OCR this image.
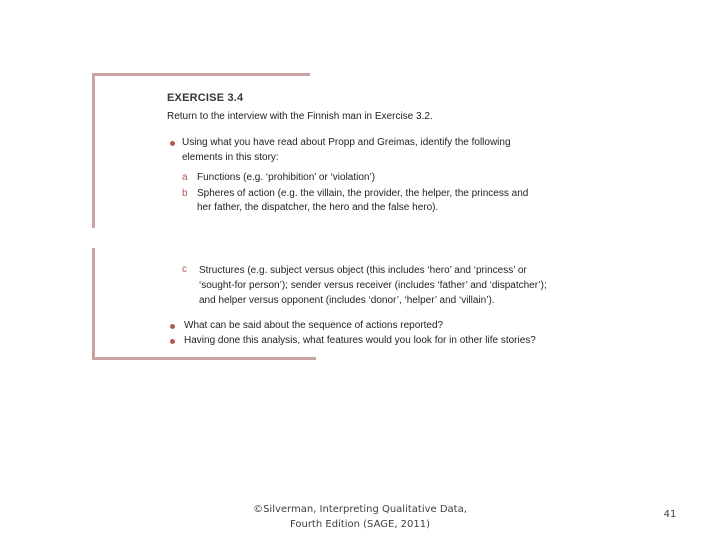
EXERCISE 3.4
Return to the interview with the Finnish man in Exercise 3.2.
Using what you have read about Propp and Greimas, identify the following
elements in this story:
a Functions (e.g. ‘prohibition’ or ‘violation’)
b Spheres of action (e.g. the villain, the provider, the helper, the princess and
her father, the dispatcher, the hero and the false hero).
c Structures (e.g. subject versus object (this includes ‘hero’ and ‘princess’ or
‘sought-for person’); sender versus receiver (includes ‘father’ and ‘dispatcher’);
and helper versus opponent (includes ‘donor’, ‘helper’ and ‘villain’).
What can be said about the sequence of actions reported?
Having done this analysis, what features would you look for in other life stories?
©Silverman, Interpreting Qualitative Data,
Fourth Edition (SAGE, 2011)
41
